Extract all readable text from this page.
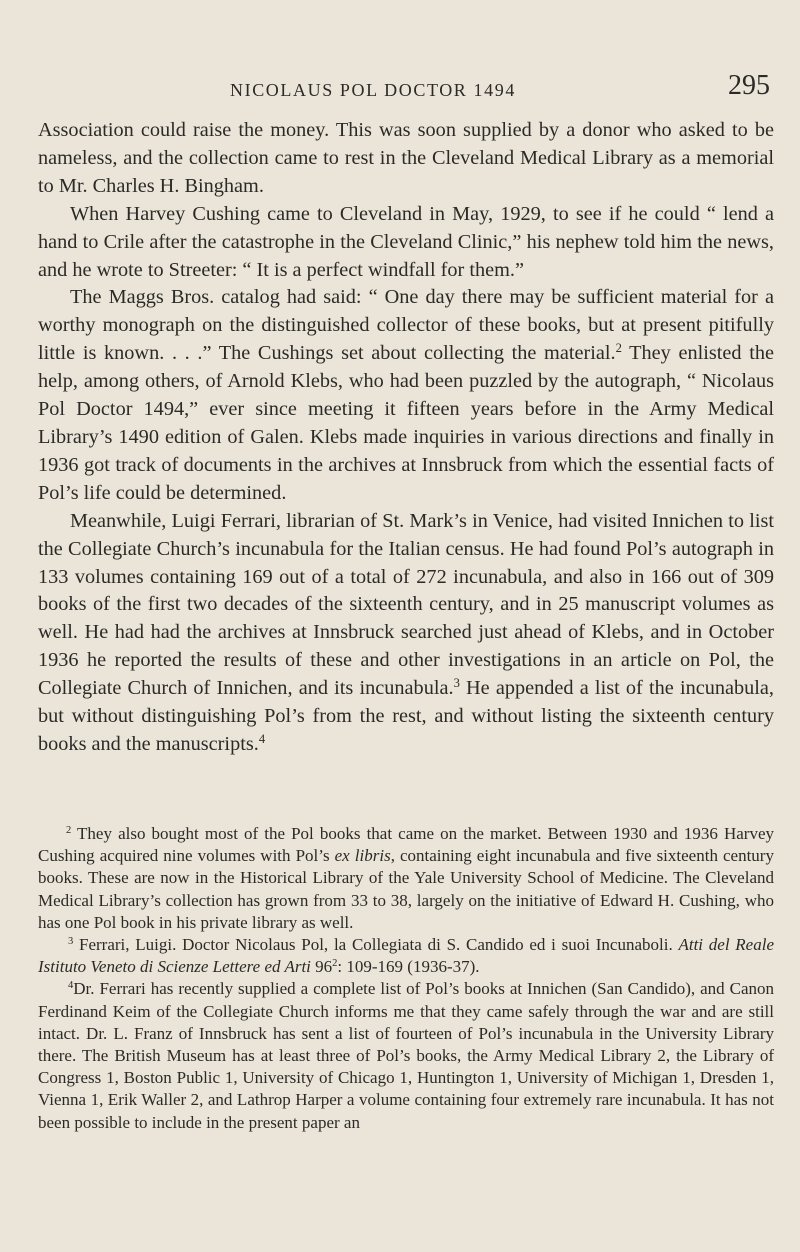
NICOLAUS POL DOCTOR 1494	295

Association could raise the money. This was soon supplied by a donor who asked to be nameless, and the collection came to rest in the Cleveland Medical Library as a memorial to Mr. Charles H. Bingham.

When Harvey Cushing came to Cleveland in May, 1929, to see if he could “ lend a hand to Crile after the catastrophe in the Cleveland Clinic,” his nephew told him the news, and he wrote to Streeter: “ It is a perfect windfall for them.”

The Maggs Bros. catalog had said: “ One day there may be sufficient material for a worthy monograph on the distinguished collector of these books, but at present pitifully little is known. . . .” The Cushings set about collecting the material.$^2$ They enlisted the help, among others, of Arnold Klebs, who had been puzzled by the autograph, “ Nicolaus Pol Doctor 1494,” ever since meeting it fifteen years before in the Army Medical Library’s 1490 edition of Galen. Klebs made inquiries in various directions and finally in 1936 got track of documents in the archives at Innsbruck from which the essential facts of Pol’s life could be determined.

Meanwhile, Luigi Ferrari, librarian of St. Mark’s in Venice, had visited Innichen to list the Collegiate Church’s incunabula for the Italian census. He had found Pol’s autograph in 133 volumes containing 169 out of a total of 272 incunabula, and also in 166 out of 309 books of the first two decades of the sixteenth century, and in 25 manuscript volumes as well. He had had the archives at Innsbruck searched just ahead of Klebs, and in October 1936 he reported the results of these and other investigations in an article on Pol, the Collegiate Church of Innichen, and its incunabula.$^3$ He appended a list of the incunabula, but without distinguishing Pol’s from the rest, and without listing the sixteenth century books and the manuscripts.$^4$

$^2$ They also bought most of the Pol books that came on the market. Between 1930 and 1936 Harvey Cushing acquired nine volumes with Pol’s ex libris, containing eight incunabula and five sixteenth century books. These are now in the Historical Library of the Yale University School of Medicine. The Cleveland Medical Library’s collection has grown from 33 to 38, largely on the initiative of Edward H. Cushing, who has one Pol book in his private library as well.

$^3$ Ferrari, Luigi. Doctor Nicolaus Pol, la Collegiata di S. Candido ed i suoi Incunaboli. Atti del Reale Istituto Veneto di Scienze Lettere ed Arti $96^2$: 109-169 (1936-37).

$^4$Dr. Ferrari has recently supplied a complete list of Pol’s books at Innichen (San Candido), and Canon Ferdinand Keim of the Collegiate Church informs me that they came safely through the war and are still intact. Dr. L. Franz of Innsbruck has sent a list of fourteen of Pol’s incunabula in the University Library there. The British Museum has at least three of Pol’s books, the Army Medical Library 2, the Library of Congress 1, Boston Public 1, University of Chicago 1, Huntington 1, University of Michigan 1, Dresden 1, Vienna 1, Erik Waller 2, and Lathrop Harper a volume containing four extremely rare incunabula. It has not been possible to include in the present paper an
